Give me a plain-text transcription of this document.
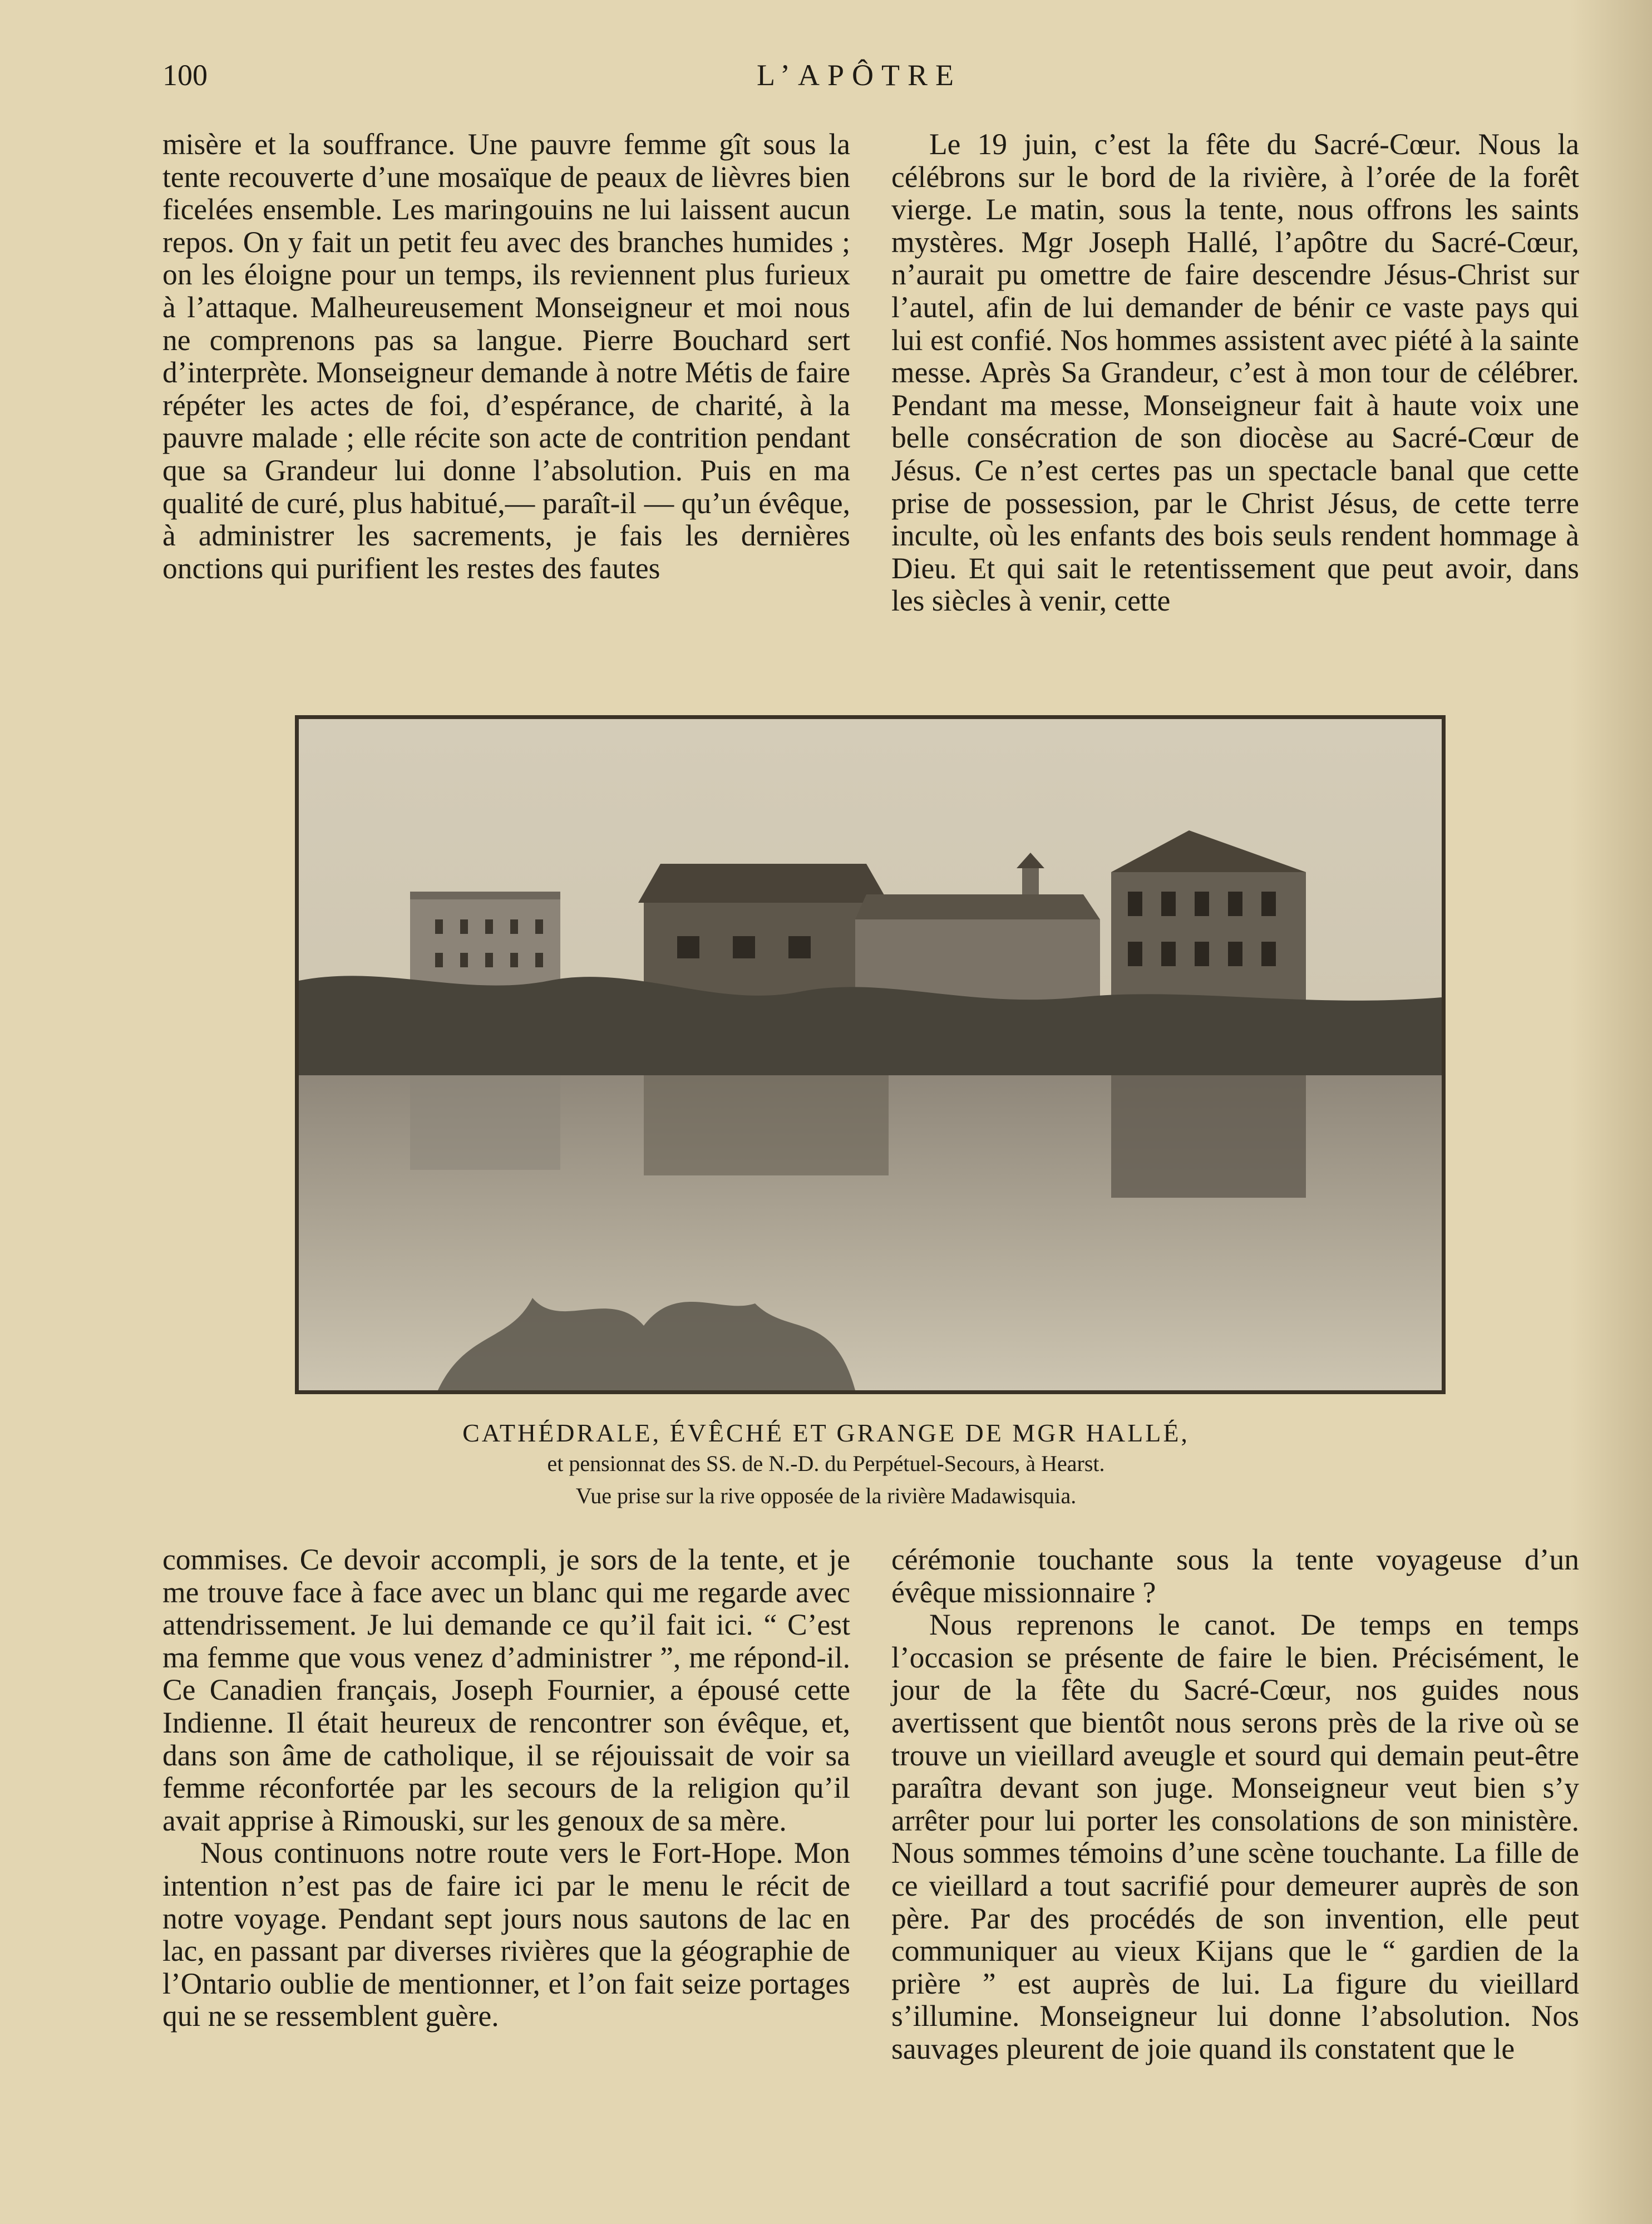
100	L’APÔTRE

misère et la souffrance. Une pauvre femme gît sous la tente recouverte d’une mosaïque de peaux de lièvres bien ficelées ensemble. Les maringouins ne lui laissent aucun repos. On y fait un petit feu avec des branches humides ; on les éloigne pour un temps, ils reviennent plus furieux à l’attaque. Malheureusement Monseigneur et moi nous ne comprenons pas sa langue. Pierre Bouchard sert d’interprète. Monseigneur demande à notre Métis de faire répéter les actes de foi, d’espérance, de charité, à la pauvre malade ; elle récite son acte de contrition pendant que sa Grandeur lui donne l’absolution. Puis en ma qualité de curé, plus habitué,— paraît-il — qu’un évêque, à administrer les sacrements, je fais les dernières onctions qui purifient les restes des fautes

Le 19 juin, c’est la fête du Sacré-Cœur. Nous la célébrons sur le bord de la rivière, à l’orée de la forêt vierge. Le matin, sous la tente, nous offrons les saints mystères. Mgr Joseph Hallé, l’apôtre du Sacré-Cœur, n’aurait pu omettre de faire descendre Jésus-Christ sur l’autel, afin de lui demander de bénir ce vaste pays qui lui est confié. Nos hommes assistent avec piété à la sainte messe. Après Sa Grandeur, c’est à mon tour de célébrer. Pendant ma messe, Monseigneur fait à haute voix une belle consécration de son diocèse au Sacré-Cœur de Jésus. Ce n’est certes pas un spectacle banal que cette prise de possession, par le Christ Jésus, de cette terre inculte, où les enfants des bois seuls rendent hommage à Dieu. Et qui sait le retentissement que peut avoir, dans les siècles à venir, cette

CATHÉDRALE, ÉVÊCHÉ ET GRANGE DE MGR HALLÉ,
et pensionnat des SS. de N.-D. du Perpétuel-Secours, à Hearst.
Vue prise sur la rive opposée de la rivière Madawisquia.

commises. Ce devoir accompli, je sors de la tente, et je me trouve face à face avec un blanc qui me regarde avec attendrissement. Je lui demande ce qu’il fait ici. “ C’est ma femme que vous venez d’administrer ”, me répond-il. Ce Canadien français, Joseph Fournier, a épousé cette Indienne. Il était heureux de rencontrer son évêque, et, dans son âme de catholique, il se réjouissait de voir sa femme réconfortée par les secours de la religion qu’il avait apprise à Rimouski, sur les genoux de sa mère.

Nous continuons notre route vers le Fort-Hope. Mon intention n’est pas de faire ici par le menu le récit de notre voyage. Pendant sept jours nous sautons de lac en lac, en passant par diverses rivières que la géographie de l’Ontario oublie de mentionner, et l’on fait seize portages qui ne se ressemblent guère.

cérémonie touchante sous la tente voyageuse d’un évêque missionnaire ?

Nous reprenons le canot. De temps en temps l’occasion se présente de faire le bien. Précisément, le jour de la fête du Sacré-Cœur, nos guides nous avertissent que bientôt nous serons près de la rive où se trouve un vieillard aveugle et sourd qui demain peut-être paraîtra devant son juge. Monseigneur veut bien s’y arrêter pour lui porter les consolations de son ministère. Nous sommes témoins d’une scène touchante. La fille de ce vieillard a tout sacrifié pour demeurer auprès de son père. Par des procédés de son invention, elle peut communiquer au vieux Kijans que le “ gardien de la prière ” est auprès de lui. La figure du vieillard s’illumine. Monseigneur lui donne l’absolution. Nos sauvages pleurent de joie quand ils constatent que le
